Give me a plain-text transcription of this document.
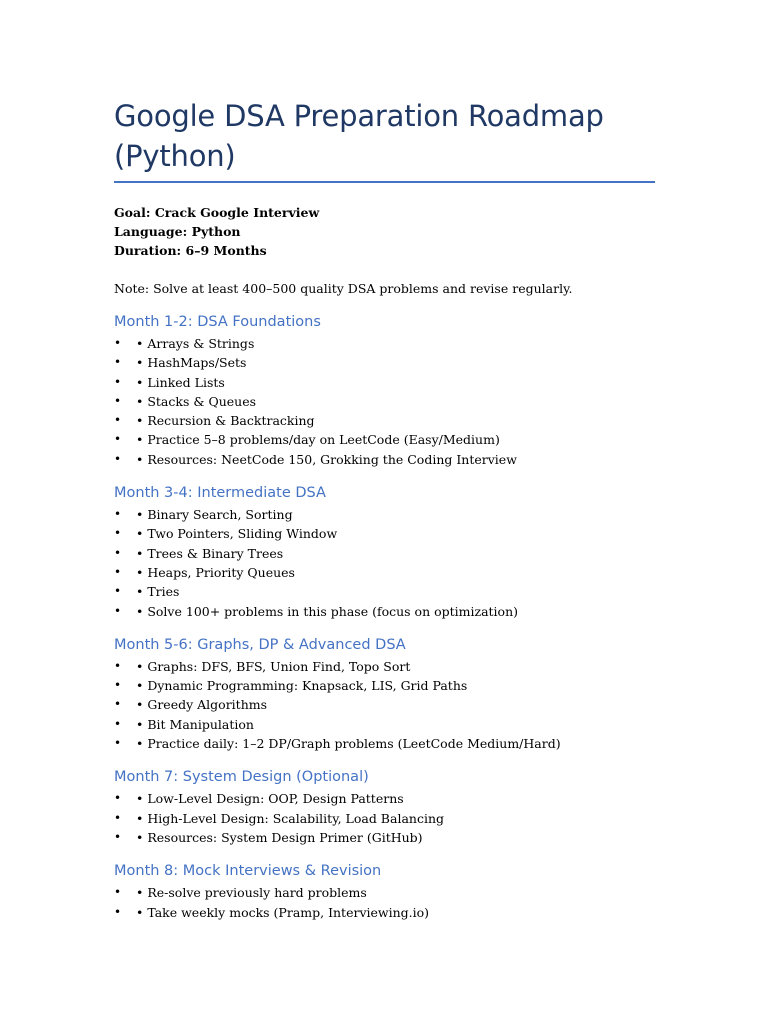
Google DSA Preparation Roadmap (Python)
Goal: Crack Google Interview
Language: Python
Duration: 6–9 Months
Note: Solve at least 400–500 quality DSA problems and revise regularly.
Month 1-2: DSA Foundations
• • Arrays & Strings
• • HashMaps/Sets
• • Linked Lists
• • Stacks & Queues
• • Recursion & Backtracking
• • Practice 5–8 problems/day on LeetCode (Easy/Medium)
• • Resources: NeetCode 150, Grokking the Coding Interview
Month 3-4: Intermediate DSA
• • Binary Search, Sorting
• • Two Pointers, Sliding Window
• • Trees & Binary Trees
• • Heaps, Priority Queues
• • Tries
• • Solve 100+ problems in this phase (focus on optimization)
Month 5-6: Graphs, DP & Advanced DSA
• • Graphs: DFS, BFS, Union Find, Topo Sort
• • Dynamic Programming: Knapsack, LIS, Grid Paths
• • Greedy Algorithms
• • Bit Manipulation
• • Practice daily: 1–2 DP/Graph problems (LeetCode Medium/Hard)
Month 7: System Design (Optional)
• • Low-Level Design: OOP, Design Patterns
• • High-Level Design: Scalability, Load Balancing
• • Resources: System Design Primer (GitHub)
Month 8: Mock Interviews & Revision
• • Re-solve previously hard problems
• • Take weekly mocks (Pramp, Interviewing.io)
